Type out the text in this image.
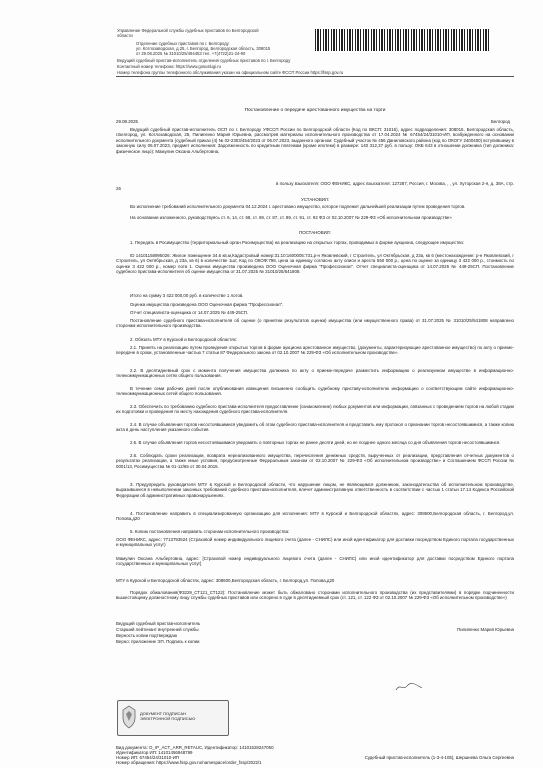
Управление Федеральной службы судебных приставов по Белгородской
области
Отделение судебных приставов по г. Белгороду
ул. Котлозаводская, д.25, г. Белгород, Белгородская область, 308015
от 29.08.2025 № 31010/25/494453 тел. +7(4722)21-24-90
Ведущий судебный пристав-исполнитель отделения судебных приставов по г. Белгороду
Контактный номер телефона: https://www.gosuslugi.ru
Номер телефона группы телефонного обслуживания указан на официальном сайте ФССП России https://fssp.gov.ru
Постановление о передаче арестованного имущества на торги
29.08.2025	Белгород
Ведущий судебный пристав-исполнитель ОСП по г. Белгороду УФССП России по Белгородской области (Код по ВКСП: 31016), адрес подразделения: 308015, Белгородская область, г.Белгород, ул. Котлозаводская, 25, Пилипенко Мария Юрьевна, рассмотрев материалы исполнительного производства от 17.04.2024 № 67454/24/31010-ИП, возбужденного на основании исполнительного документа (судебный приказ (4) № 02-2303/454/2023 от 06.07.2023, выданного органом: Судебный участок № 456 Даниловского района (код по ОКОГУ 2400400) вступившему в законную силу 06.07.2023, предмет исполнения: Задолженность по кредитным платежам (кроме ипотеки) в размере: 140 312,37 руб. в пользу: ОКБ 643 в отношении должника (тип должника: физическое лицо): Мамулин Оксана Альбертовна,
в пользу взыскателя: ООО ФЕНИКС, адрес взыскателя: 127287, Россия, г. Москва, , , ул. Хуторская 2-я, д. 38А, стр. 26
УСТАНОВИЛ:
Во исполнение требований исполнительного документа 04.12.2024 г. арестовано имущество, которое подлежит дальнейшей реализации путем проведения торгов.
На основании изложенного, руководствуясь ст. 6, 14, ст. 68, ст. 69, ст. 87, ст. 89, ст. 91, ст. 92 ФЗ от 02.10.2007 № 229-ФЗ «Об исполнительном производстве»
ПОСТАНОВИЛ:
1. Передать в Росимущество (территориальный орган Росимущества) на реализацию на открытых торгах, проводимых в форме аукциона, следующее имущество:
ID 14101158995026: Жилое помещение 34.6 кв.м,Кадастровый номер:31:10:1600005:731,р-н Яковлевский, г Строитель, ул Октябрьская, д 23а, кв 6 (местонахождение: р-н Яковлевский, г Строитель, ул Октябрьская, д 23а, кв 6) в количестве 1шт, Код по ОКОФ:798, цена за единицу согласно акту описи и ареста 550 000 р., цена по оценке за единицу 3 422 000 р., стоимость по оценке 3 422 000 р., номер лота 1. Оценка имущества произведена ООО Оценочная фирма "Профессионал". Отчет специалиста-оценщика от 14.07.2025 № 449-25СП. Постановление судебного пристава-исполнителя об оценке имущества от 31.07.2025 № 31010/25/541808.
Итого на сумму 3 422 000,00 руб. в количестве 1 лотов.
Оценка имущества произведена ООО Оценочная фирма "Профессионал".
Отчет специалиста-оценщика от 14.07.2025 № 449-25СП.
Постановление судебного пристава-исполнителя об оценке (о принятии результатов оценки) имущества (или имущественного права) от 31.07.2025 № 31010/25/541808 направлено сторонам исполнительного производства.
2. Обязать МТУ в Курской и Белгородской областях:
2.1. Принять на реализацию путем проведения открытых торгов в форме аукциона арестованное имущество, (документы, характеризующие арестованное имущество) по акту о приеме-передаче в сроки, установленные частью 7 статьи 87 Федерального закона от 02.10.2007 № 229-ФЗ «Об исполнительном производстве».
2.2. В десятидневный срок с момента получения имущества должника по акту о приеме-передаче разместить информацию о реализуемом имуществе в информационно-телекоммуникационных сетях общего пользования.
В течение семи рабочих дней после опубликования извещения письменно сообщить судебному приставу-исполнителю информацию о соответствующем сайте информационно-телекоммуникационных сетей общего пользования.
2.3. Обеспечить по требованию судебного пристава-исполнителя предоставление (ознакомление) любых документов или информации, связанных с проведением торгов на любой стадии их подготовки и проведения по месту нахождения судебного пристава-исполнителя.
2.4. В случае объявления торгов несостоявшимися уведомить об этом судебного пристава-исполнителя и представить ему протокол о признании торгов несостоявшимися, а также копию акта в день наступления указанного события.
2.5. В случае объявления торгов несостоявшимися уведомить о повторных торгах не ранее десяти дней, но не позднее одного месяца со дня объявления торгов несостоявшимися.
2.6. Соблюдать сроки реализации, возврата нереализованного имущества, перечисления денежных средств, вырученных от реализации, представления отчетных документов о результатах реализации, а также иные условия, предусмотренные Федеральным законом от 02.10.2007 № 229-ФЗ «Об исполнительном производстве» и Соглашением ФССП России № 0001/13, Росимущества № 01-12/65 от 30.04.2015.
3. Предупредить руководителя МТУ в Курской и Белгородской области, что нарушение лицом, не являющимся должником, законодательства об исполнительном производстве, выразившееся в невыполнении законных требований судебного пристава-исполнителя, влечет административную ответственность в соответствии с частью 1 статьи 17.14 Кодекса Российской Федерации об административных правонарушениях.
4. Постановление направить в специализированную организацию для исполнения: МТУ в Курской и Белгородской областях, адрес: 308600,Белгородская область, г. Белгород,ул. Попова,д20
5. Копию постановления направить сторонам исполнительного производства:
ООО ФЕНИКС, адрес: 7713793524 (Страховой номер индивидуального лицевого счета (далее - СНИЛС) или иной идентификатор для доставки посредством Единого портала государственных и муниципальных услуг)
Мамулин Оксана Альбертовна, адрес: [Страховой номер индивидуального лицевого счета (далее - СНИЛС) или иной идентификатор для доставки посредством Единого портала государственных и муниципальных услуг]
МТУ в Курской и Белгородской областях, адрес: 308600,Белгородская область, г. Белгород,ул. Попова,д20
Порядок обжалования(Ф3229_СТ121_СТ122): Постановление может быть обжаловано сторонами исполнительного производства (их представителями) в порядке подчиненности вышестоящему должностному лицу службы судебных приставов или оспорено в суде в десятидневный срок (ст. 121, ст. 122 ФЗ от 02.10.2007 № 229-ФЗ «Об исполнительном производстве»)
Ведущий судебный пристав-исполнитель
Старший лейтенант внутренней службы
Верность копии подтверждаю
Пилипенко Мария Юрьевна
Верно: приложение ЭП. Подпись к копии
ДОКУМЕНТ ПОДПИСАН
ЭЛЕКТРОННОЙ ПОДПИСЬЮ
Вид документа: О_IP_ACT_ARR_RETAUC, Идентификатор: 14101528247050
Идентификатор ИП: 14101456948799
Номер ИП: 67454/24/31010-ИП
Номер обращения: https://www.fssp.gov.ru/namespace/order_fssp/2022/1
Судебный пристав-исполнитель (1-3-4-105), Шершнева Ольга Сергеевна
